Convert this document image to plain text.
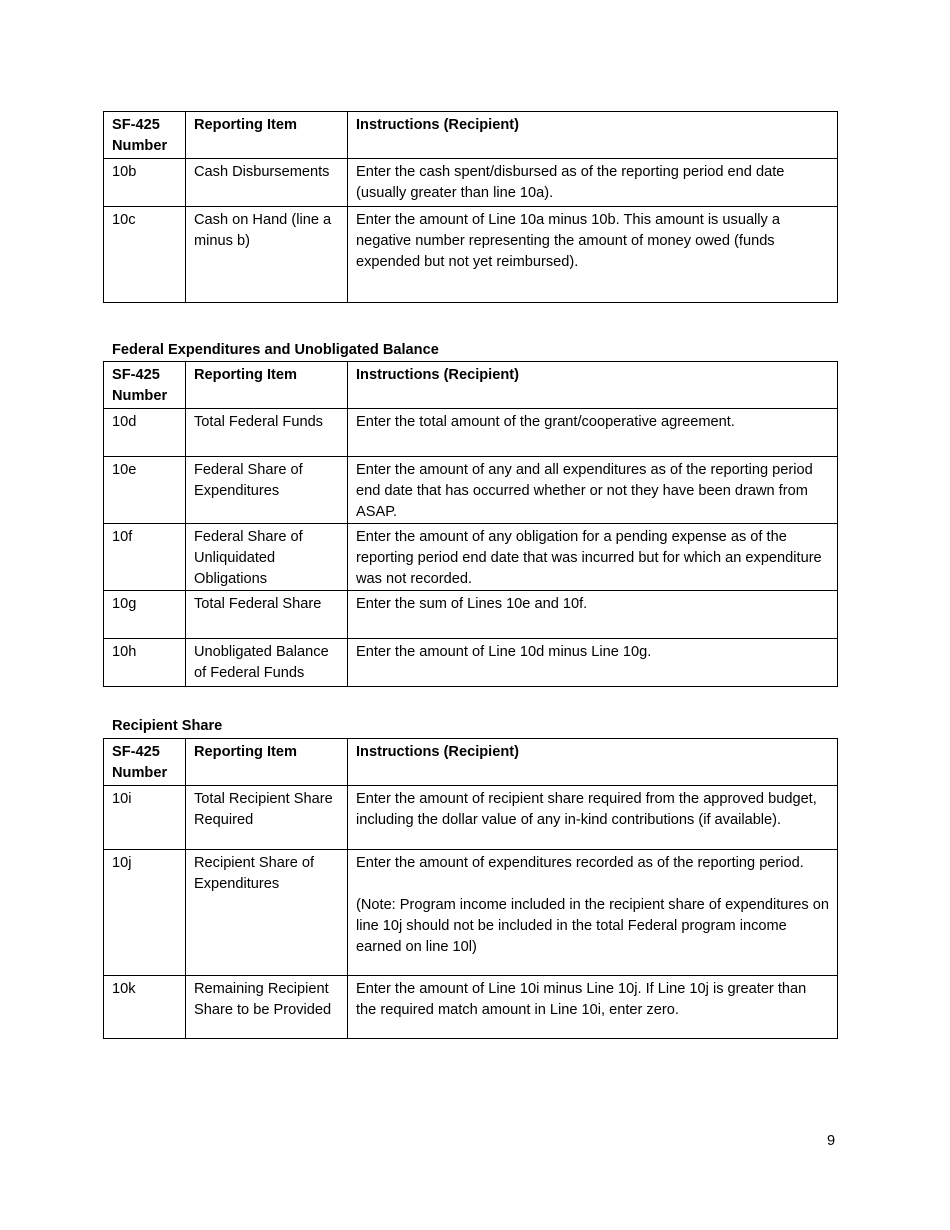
SF-425
Number	Reporting Item	Instructions (Recipient)
10b	Cash Disbursements	Enter the cash spent/disbursed as of the reporting period end date (usually greater than line 10a).
10c	Cash on Hand (line a minus b)	Enter the amount of Line 10a minus 10b. This amount is usually a negative number representing the amount of money owed (funds expended but not yet reimbursed).
Federal Expenditures and Unobligated Balance
SF-425
Number	Reporting Item	Instructions (Recipient)
10d	Total Federal Funds	Enter the total amount of the grant/cooperative agreement.
10e	Federal Share of Expenditures	Enter the amount of any and all expenditures as of the reporting period end date that has occurred whether or not they have been drawn from ASAP.
10f	Federal Share of Unliquidated Obligations	Enter the amount of any obligation for a pending expense as of the reporting period end date that was incurred but for which an expenditure was not recorded.
10g	Total Federal Share	Enter the sum of Lines 10e and 10f.
10h	Unobligated Balance of Federal Funds	Enter the amount of Line 10d minus Line 10g.
Recipient Share
SF-425
Number	Reporting Item	Instructions (Recipient)
10i	Total Recipient Share Required	Enter the amount of recipient share required from the approved budget, including the dollar value of any in-kind contributions (if available).
10j	Recipient Share of Expenditures	Enter the amount of expenditures recorded as of the reporting period.
(Note: Program income included in the recipient share of expenditures on line 10j should not be included in the total Federal program income earned on line 10l)
10k	Remaining Recipient Share to be Provided	Enter the amount of Line 10i minus Line 10j. If Line 10j is greater than the required match amount in Line 10i, enter zero.
9
